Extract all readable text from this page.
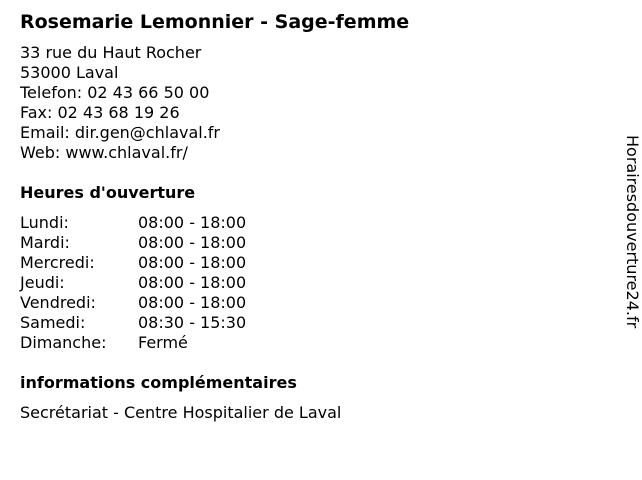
Rosemarie Lemonnier - Sage-femme
33 rue du Haut Rocher
53000 Laval
Telefon: 02 43 66 50 00
Fax: 02 43 68 19 26
Email: dir.gen@chlaval.fr
Web: www.chlaval.fr/
Heures d'ouverture
Lundi:	08:00 - 18:00
Mardi:	08:00 - 18:00
Mercredi:	08:00 - 18:00
Jeudi:	08:00 - 18:00
Vendredi:	08:00 - 18:00
Samedi:	08:30 - 15:30
Dimanche:	Fermé
informations complémentaires
Secrétariat - Centre Hospitalier de Laval
Horairesdouverture24.fr
